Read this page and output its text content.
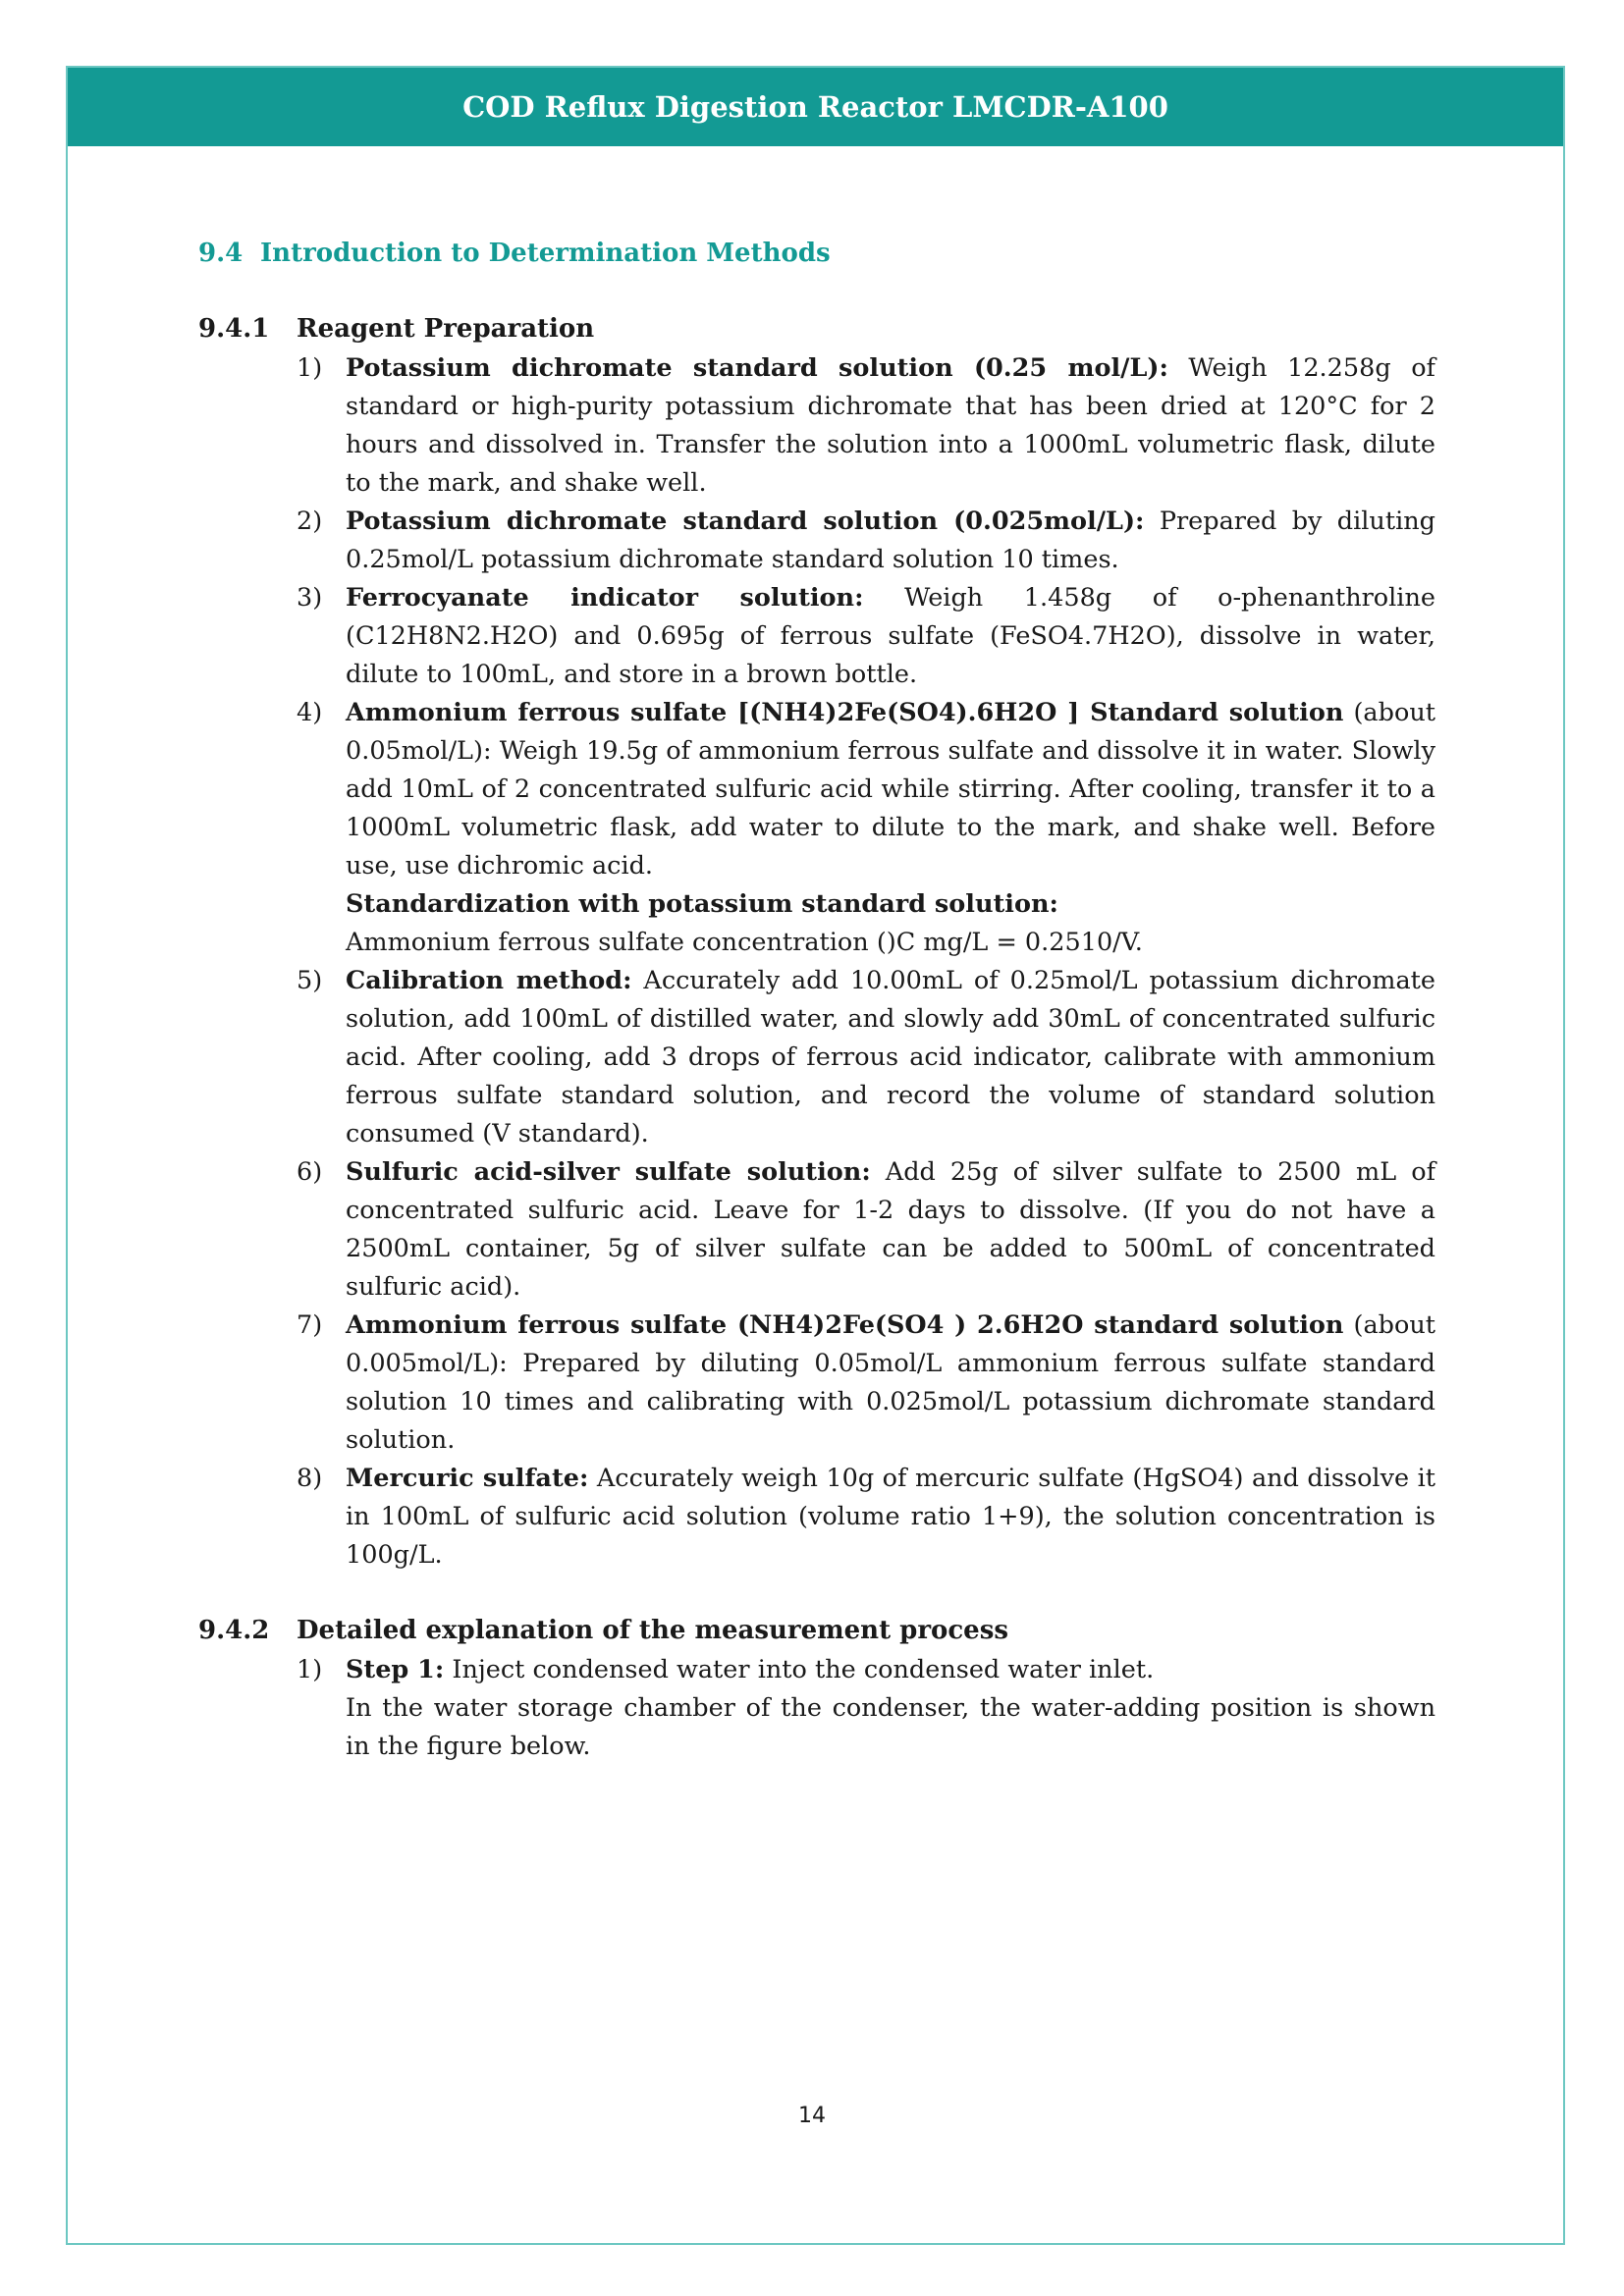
COD Reflux Digestion Reactor LMCDR-A100
9.4 Introduction to Determination Methods
9.4.1 Reagent Preparation
1) Potassium dichromate standard solution (0.25 mol/L): Weigh 12.258g of standard or high-purity potassium dichromate that has been dried at 120°C for 2 hours and dissolved in. Transfer the solution into a 1000mL volumetric flask, dilute to the mark, and shake well.
2) Potassium dichromate standard solution (0.025mol/L): Prepared by diluting 0.25mol/L potassium dichromate standard solution 10 times.
3) Ferrocyanate indicator solution: Weigh 1.458g of o-phenanthroline (C12H8N2.H2O) and 0.695g of ferrous sulfate (FeSO4.7H2O), dissolve in water, dilute to 100mL, and store in a brown bottle.
4) Ammonium ferrous sulfate [(NH4)2Fe(SO4).6H2O ] Standard solution (about 0.05mol/L): Weigh 19.5g of ammonium ferrous sulfate and dissolve it in water. Slowly add 10mL of 2 concentrated sulfuric acid while stirring. After cooling, transfer it to a 1000mL volumetric flask, add water to dilute to the mark, and shake well. Before use, use dichromic acid.
Standardization with potassium standard solution:
Ammonium ferrous sulfate concentration ()C mg/L = 0.2510/V.
5) Calibration method: Accurately add 10.00mL of 0.25mol/L potassium dichromate solution, add 100mL of distilled water, and slowly add 30mL of concentrated sulfuric acid. After cooling, add 3 drops of ferrous acid indicator, calibrate with ammonium ferrous sulfate standard solution, and record the volume of standard solution consumed (V standard).
6) Sulfuric acid-silver sulfate solution: Add 25g of silver sulfate to 2500 mL of concentrated sulfuric acid. Leave for 1-2 days to dissolve. (If you do not have a 2500mL container, 5g of silver sulfate can be added to 500mL of concentrated sulfuric acid).
7) Ammonium ferrous sulfate (NH4)2Fe(SO4 ) 2.6H2O standard solution (about 0.005mol/L): Prepared by diluting 0.05mol/L ammonium ferrous sulfate standard solution 10 times and calibrating with 0.025mol/L potassium dichromate standard solution.
8) Mercuric sulfate: Accurately weigh 10g of mercuric sulfate (HgSO4) and dissolve it in 100mL of sulfuric acid solution (volume ratio 1+9), the solution concentration is 100g/L.
9.4.2 Detailed explanation of the measurement process
1) Step 1: Inject condensed water into the condensed water inlet.
In the water storage chamber of the condenser, the water-adding position is shown in the figure below.
14
